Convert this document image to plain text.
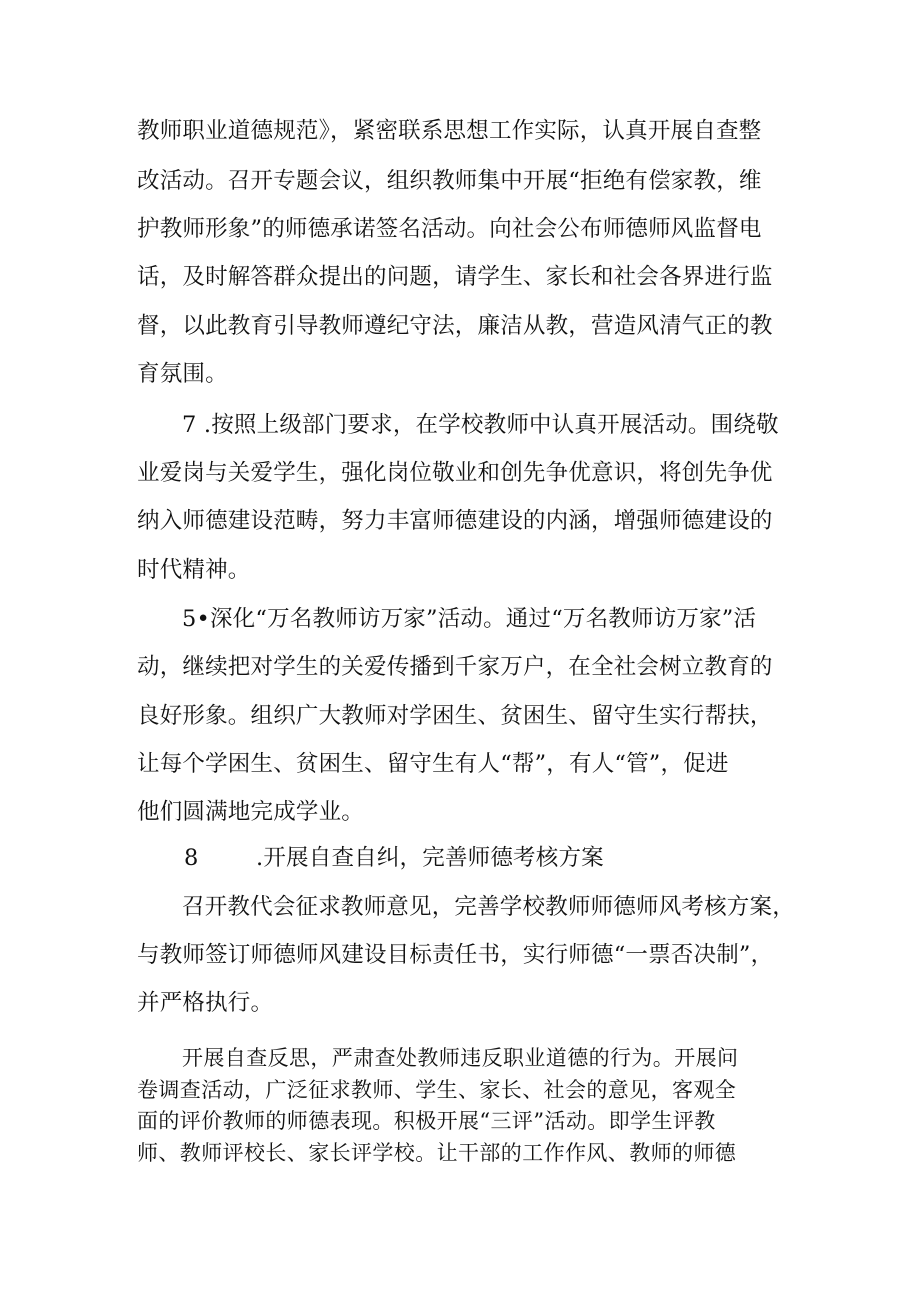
教师职业道德规范》，紧密联系思想工作实际，认真开展自查整
改活动。召开专题会议，组织教师集中开展“拒绝有偿家教，维
护教师形象”的师德承诺签名活动。向社会公布师德师风监督电
话，及时解答群众提出的问题，请学生、家长和社会各界进行监
督，以此教育引导教师遵纪守法，廉洁从教，营造风清气正的教
育氛围。
7 .按照上级部门要求，在学校教师中认真开展活动。围绕敬
业爱岗与关爱学生，强化岗位敬业和创先争优意识，将创先争优
纳入师德建设范畴，努力丰富师德建设的内涵，增强师德建设的
时代精神。
5•深化“万名教师访万家”活动。通过“万名教师访万家”活
动，继续把对学生的关爱传播到千家万户，在全社会树立教育的
良好形象。组织广大教师对学困生、贫困生、留守生实行帮扶，
让每个学困生、贫困生、留守生有人“帮”，有人“管”，促进
他们圆满地完成学业。
8	.开展自查自纠，完善师德考核方案
召开教代会征求教师意见，完善学校教师师德师风考核方案，
与教师签订师德师风建设目标责任书，实行师德“一票否决制”，
并严格执行。
开展自查反思，严肃查处教师违反职业道德的行为。开展问
卷调查活动，广泛征求教师、学生、家长、社会的意见，客观全
面的评价教师的师德表现。积极开展“三评”活动。即学生评教
师、教师评校长、家长评学校。让干部的工作作风、教师的师德
